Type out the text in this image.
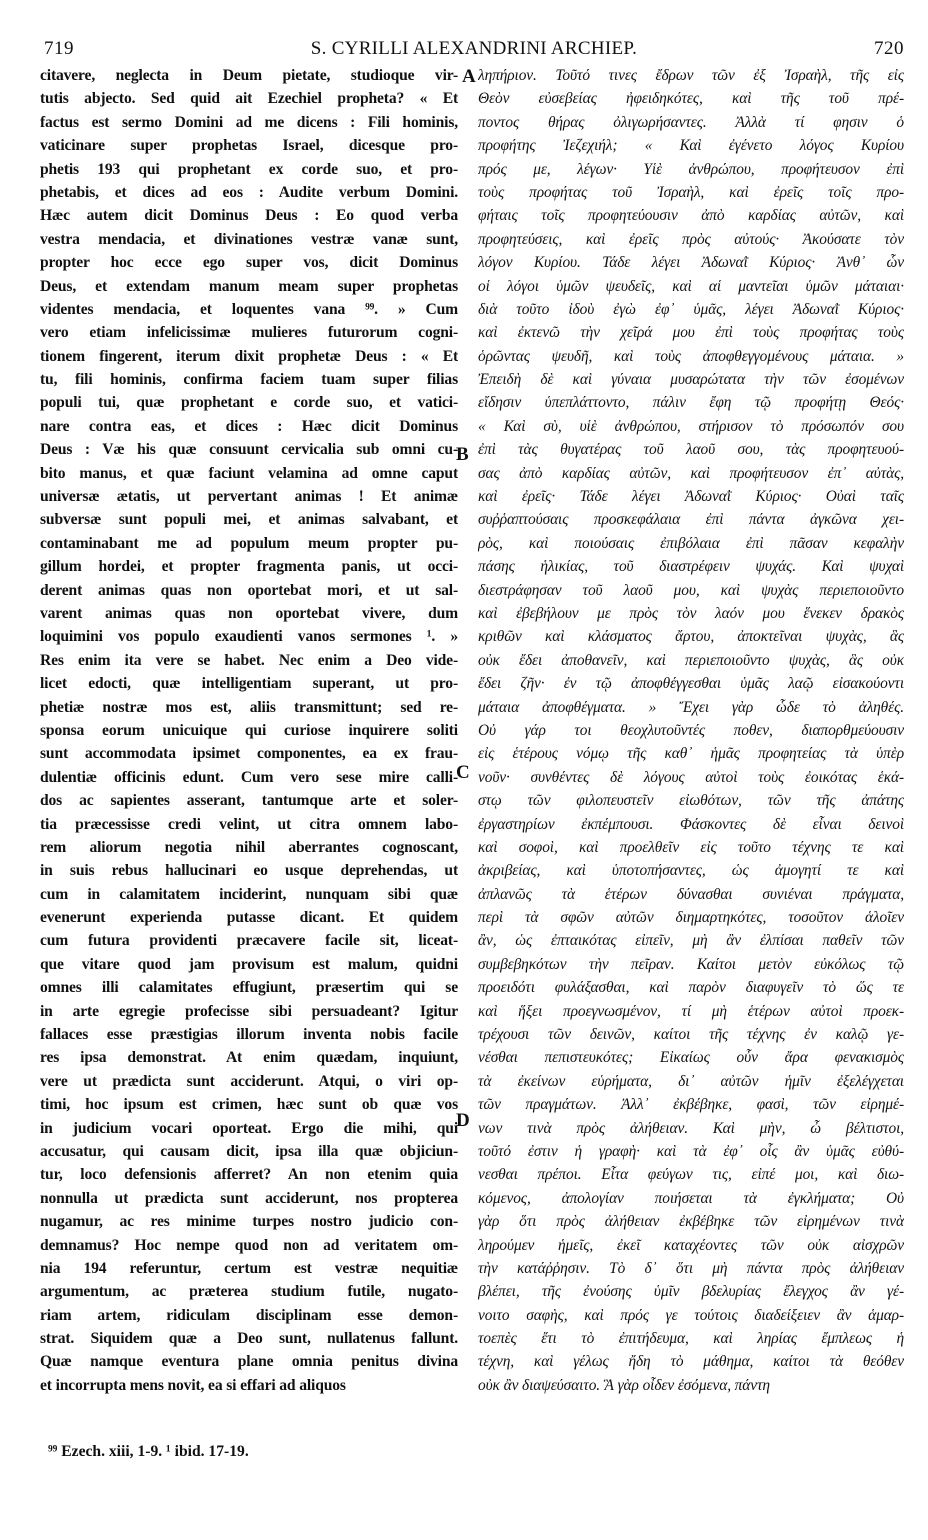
719	S. CYRILLI ALEXANDRINI ARCHIEP.	720
citavere, neglecta in Deum pietate, studioque vir-
tutis abjecto. Sed quid ait Ezechiel propheta? « Et
factus est sermo Domini ad me dicens : Fili hominis,
vaticinare super prophetas Israel, dicesque pro-
phetis 193 qui prophetant ex corde suo, et pro-
phetabis, et dices ad eos : Audite verbum Domini.
Hæc autem dicit Dominus Deus : Eo quod verba
vestra mendacia, et divinationes vestræ vanæ sunt,
propter hoc ecce ego super vos, dicit Dominus
Deus, et extendam manum meam super prophetas
videntes mendacia, et loquentes vana ⁹⁹. » Cum
vero etiam infelicissimæ mulieres futurorum cogni-
tionem fingerent, iterum dixit prophetæ Deus : « Et
tu, fili hominis, confirma faciem tuam super filias
populi tui, quæ prophetant e corde suo, et vatici-
nare contra eas, et dices : Hæc dicit Dominus
Deus : Væ his quæ consuunt cervicalia sub omni cu-
bito manus, et quæ faciunt velamina ad omne caput
universæ ætatis, ut pervertant animas ! Et animæ
subversæ sunt populi mei, et animas salvabant, et
contaminabant me ad populum meum propter pu-
gillum hordei, et propter fragmenta panis, ut occi-
derent animas quas non oportebat mori, et ut sal-
varent animas quas non oportebat vivere, dum
loquimini vos populo exaudienti vanos sermones ¹. »
Res enim ita vere se habet. Nec enim a Deo vide-
licet edocti, quæ intelligentiam superant, ut pro-
phetiæ nostræ mos est, aliis transmittunt; sed re-
sponsa eorum unicuique qui curiose inquirere soliti
sunt accommodata ipsimet componentes, ea ex frau-
dulentiæ officinis edunt. Cum vero sese mire calli-
dos ac sapientes asserant, tantumque arte et soler-
tia præcessisse credi velint, ut citra omnem labo-
rem aliorum negotia nihil aberrantes cognoscant,
in suis rebus hallucinari eo usque deprehendas, ut
cum in calamitatem inciderint, nunquam sibi quæ
evenerunt experienda putasse dicant. Et quidem
cum futura providenti præcavere facile sit, liceat-
que vitare quod jam provisum est malum, quidni
omnes illi calamitates effugiunt, præsertim qui se
in arte egregie profecisse sibi persuadeant? Igitur
fallaces esse præstigias illorum inventa nobis facile
res ipsa demonstrat. At enim quædam, inquiunt,
vere ut prædicta sunt acciderunt. Atqui, o viri op-
timi, hoc ipsum est crimen, hæc sunt ob quæ vos
in judicium vocari oporteat. Ergo die mihi, qui
accusatur, qui causam dicit, ipsa illa quæ objiciun-
tur, loco defensionis afferret? An non etenim quia
nonnulla ut prædicta sunt acciderunt, nos propterea
nugamur, ac res minime turpes nostro judicio con-
demnamus? Hoc nempe quod non ad veritatem om-
nia 194 referuntur, certum est vestræ nequitiæ
argumentum, ac præterea studium futile, nugato-
riam artem, ridiculam disciplinam esse demon-
strat. Siquidem quæ a Deo sunt, nullatenus fallunt.
Quæ namque eventura plane omnia penitus divina
et incorrupta mens novit, ea si effari ad aliquos
A
B
C
D
ληπήριον. Τοῦτό τινες ἔδρων τῶν ἐξ Ἰσραὴλ, τῆς εἰς
Θεὸν εὐσεβείας ἠφειδηκότες, καὶ τῆς τοῦ πρέ-
ποντος θήρας ὀλιγωρήσαντες. Ἀλλὰ τί φησιν ὁ
προφήτης Ἰεζεχιήλ; « Καὶ ἐγένετο λόγος Κυρίου
πρός με, λέγων· Υἱὲ ἀνθρώπου, προφήτευσον ἐπὶ
τοὺς προφήτας τοῦ Ἰσραὴλ, καὶ ἐρεῖς τοῖς προ-
φήταις τοῖς προφητεύουσιν ἀπὸ καρδίας αὐτῶν, καὶ
προφητεύσεις, καὶ ἐρεῖς πρὸς αὐτούς· Ἀκούσατε τὸν
λόγον Κυρίου. Τάδε λέγει Ἀδωναῒ Κύριος· Ἀνθ᾽ ὧν
οἱ λόγοι ὑμῶν ψευδεῖς, καὶ αἱ μαντεῖαι ὑμῶν μάταιαι·
διὰ τοῦτο ἰδοὺ ἐγὼ ἐφ᾽ ὑμᾶς, λέγει Ἀδωναῒ Κύριος·
καὶ ἐκτενῶ τὴν χεῖρά μου ἐπὶ τοὺς προφήτας τοὺς
ὁρῶντας ψευδῆ, καὶ τοὺς ἀποφθεγγομένους μάταια. »
Ἐπειδὴ δὲ καὶ γύναια μυσαρώτατα τὴν τῶν ἐσομένων
εἴδησιν ὑπεπλάττοντο, πάλιν ἔφη τῷ προφήτῃ Θεός·
« Καὶ σὺ, υἱὲ ἀνθρώπου, στήρισον τὸ πρόσωπόν σου
ἐπὶ τὰς θυγατέρας τοῦ λαοῦ σου, τὰς προφητευού-
σας ἀπὸ καρδίας αὐτῶν, καὶ προφήτευσον ἐπ᾽ αὐτὰς,
καὶ ἐρεῖς· Τάδε λέγει Ἀδωναῒ Κύριος· Οὐαὶ ταῖς
συῤῥαπτούσαις προσκεφάλαια ἐπὶ πάντα ἀγκῶνα χει-
ρὸς, καὶ ποιούσαις ἐπιβόλαια ἐπὶ πᾶσαν κεφαλὴν
πάσης ἡλικίας, τοῦ διαστρέφειν ψυχάς. Καὶ ψυχαὶ
διεστράφησαν τοῦ λαοῦ μου, καὶ ψυχὰς περιεποιοῦντο
καὶ ἐβεβήλουν με πρὸς τὸν λαόν μου ἕνεκεν δρακὸς
κριθῶν καὶ κλάσματος ἄρτου, ἀποκτεῖναι ψυχὰς, ἃς
οὐκ ἔδει ἀποθανεῖν, καὶ περιεποιοῦντο ψυχὰς, ἃς οὐκ
ἔδει ζῆν· ἐν τῷ ἀποφθέγγεσθαι ὑμᾶς λαῷ εἰσακούοντι
μάταια ἀποφθέγματα. » Ἔχει γὰρ ὧδε τὸ ἀληθές.
Οὐ γάρ τοι θεοχλυτοῦντές ποθεν, διαπορθμεύουσιν
εἰς ἑτέρους νόμῳ τῆς καθ᾽ ἡμᾶς προφητείας τὰ ὑπὲρ
νοῦν· συνθέντες δὲ λόγους αὐτοὶ τοὺς ἐοικότας ἑκά-
στῳ τῶν φιλοπευστεῖν εἰωθότων, τῶν τῆς ἀπάτης
ἐργαστηρίων ἐκπέμπουσι. Φάσκοντες δὲ εἶναι δεινοὶ
καὶ σοφοὶ, καὶ προελθεῖν εἰς τοῦτο τέχνης τε καὶ
ἀκριβείας, καὶ ὑποτοπήσαντες, ὡς ἀμογητί τε καὶ
ἀπλανῶς τὰ ἑτέρων δύνασθαι συνιέναι πράγματα,
περὶ τὰ σφῶν αὐτῶν διημαρτηκότες, τοσοῦτον ἁλοῖεν
ἂν, ὡς ἐπταικότας εἰπεῖν, μὴ ἂν ἐλπίσαι παθεῖν τῶν
συμβεβηκότων τὴν πεῖραν. Καίτοι μετὸν εὐκόλως τῷ
προειδότι φυλάξασθαι, καὶ παρὸν διαφυγεῖν τὸ ὥς τε
καὶ ἥξει προεγνωσμένον, τί μὴ ἑτέρων αὐτοὶ προεκ-
τρέχουσι τῶν δεινῶν, καίτοι τῆς τέχνης ἐν καλῷ γε-
νέσθαι πεπιστευκότες; Εἰκαίως οὖν ἄρα φενακισμὸς
τὰ ἐκείνων εὑρήματα, δι᾽ αὐτῶν ἡμῖν ἐξελέγχεται
τῶν πραγμάτων. Ἀλλ᾽ ἐκβέβηκε, φασὶ, τῶν εἰρημέ-
νων τινὰ πρὸς ἀλήθειαν. Καὶ μὴν, ὦ βέλτιστοι,
τοῦτό ἐστιν ἡ γραφὴ· καὶ τὰ ἐφ᾽ οἷς ἂν ὑμᾶς εὐθύ-
νεσθαι πρέποι. Εἶτα φεύγων τις, εἰπέ μοι, καὶ διω-
κόμενος, ἀπολογίαν ποιήσεται τὰ ἐγκλήματα; Οὐ
γὰρ ὅτι πρὸς ἀλήθειαν ἐκβέβηκε τῶν εἰρημένων τινὰ
ληρούμεν ἡμεῖς, ἐκεῖ καταχέοντες τῶν οὐκ αἰσχρῶν
τὴν κατάῤῥησιν. Τὸ δ᾽ ὅτι μὴ πάντα πρὸς ἀλήθειαν
βλέπει, τῆς ἐνούσης ὑμῖν βδελυρίας ἔλεγχος ἂν γέ-
νοιτο σαφὴς, καὶ πρός γε τούτοις διαδείξειεν ἂν ἁμαρ-
τοεπὲς ἔτι τὸ ἐπιτήδευμα, καὶ ληρίας ἔμπλεως ἡ
τέχνη, καὶ γέλως ἤδη τὸ μάθημα, καίτοι τὰ θεόθεν
οὐκ ἂν διαψεύσαιτο. Ἃ γὰρ οἶδεν ἐσόμενα, πάντη
⁹⁹ Ezech. xiii, 1-9. ¹ ibid. 17-19.
